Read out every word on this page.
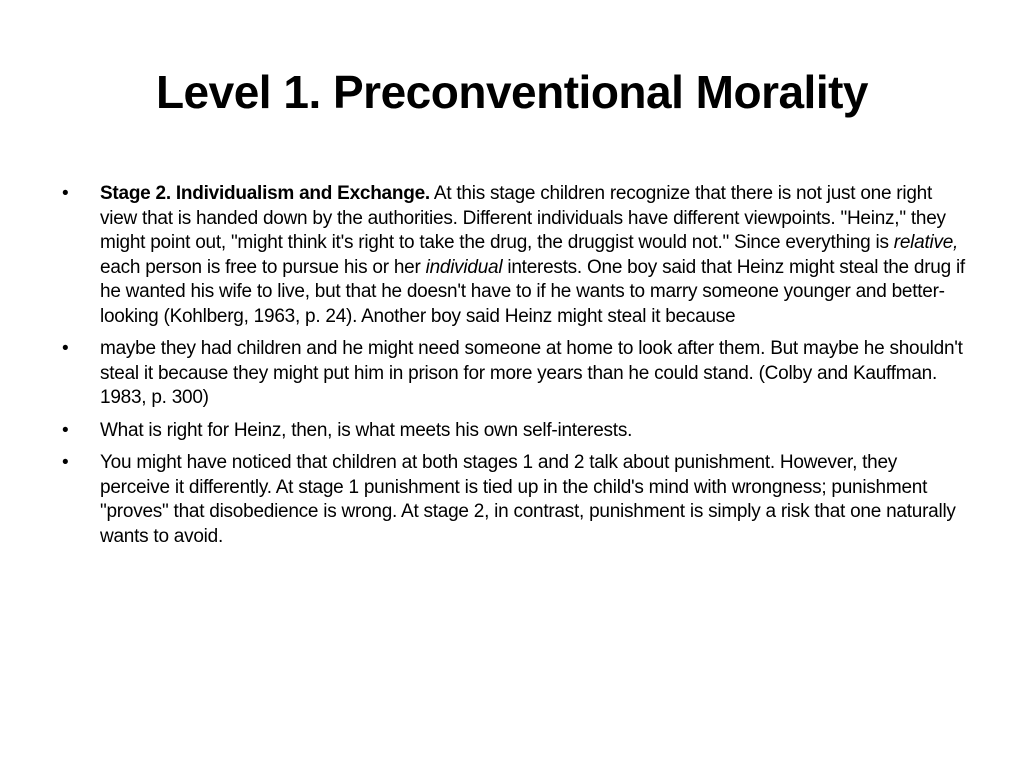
Level 1. Preconventional Morality
•	Stage 2. Individualism and Exchange. At this stage children recognize that there is not just one right view that is handed down by the authorities. Different individuals have different viewpoints. "Heinz," they might point out, "might think it's right to take the drug, the druggist would not." Since everything is relative, each person is free to pursue his or her individual interests. One boy said that Heinz might steal the drug if he wanted his wife to live, but that he doesn't have to if he wants to marry someone younger and better-looking (Kohlberg, 1963, p. 24). Another boy said Heinz might steal it because
•	maybe they had children and he might need someone at home to look after them. But maybe he shouldn't steal it because they might put him in prison for more years than he could stand. (Colby and Kauffman. 1983, p. 300)
•	What is right for Heinz, then, is what meets his own self-interests.
•	You might have noticed that children at both stages 1 and 2 talk about punishment. However, they perceive it differently. At stage 1 punishment is tied up in the child's mind with wrongness; punishment "proves" that disobedience is wrong. At stage 2, in contrast, punishment is simply a risk that one naturally wants to avoid.
